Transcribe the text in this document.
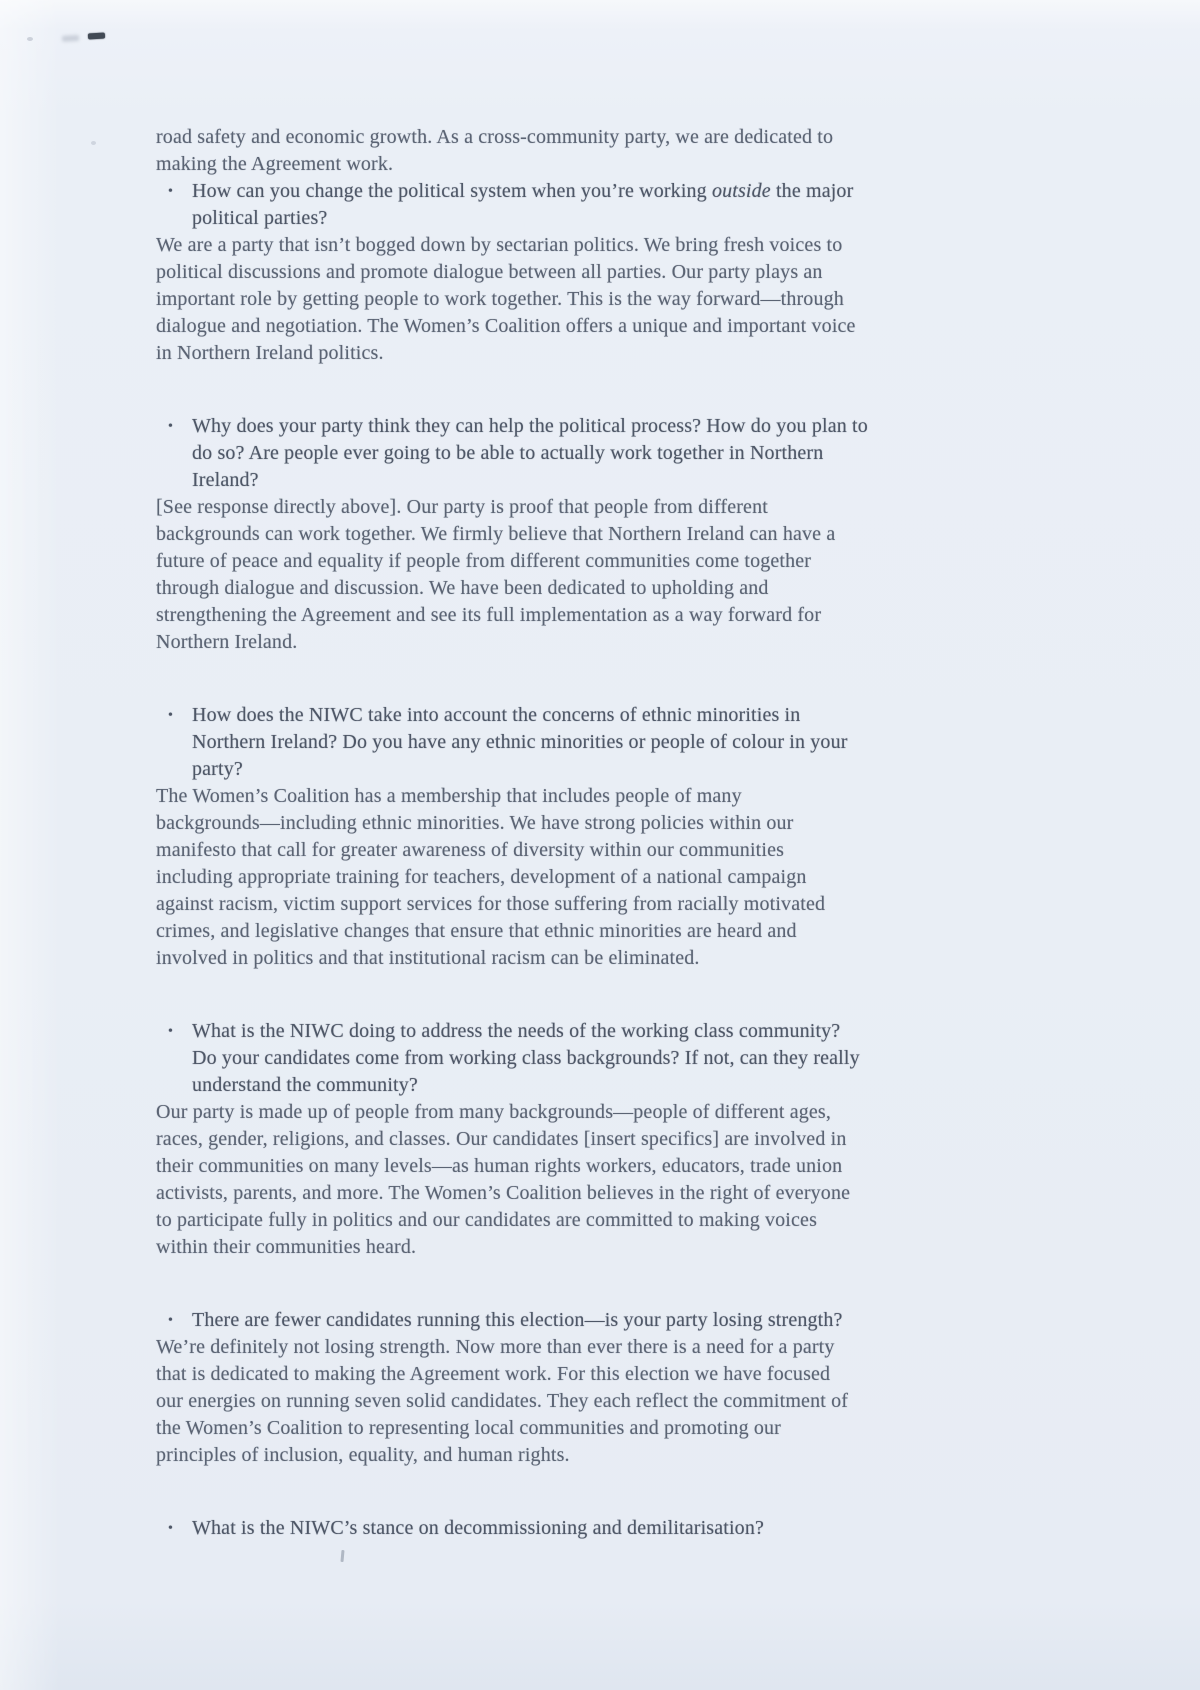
road safety and economic growth. As a cross-community party, we are dedicated to
making the Agreement work.
• How can you change the political system when you’re working outside the major
political parties?
We are a party that isn’t bogged down by sectarian politics. We bring fresh voices to
political discussions and promote dialogue between all parties. Our party plays an
important role by getting people to work together. This is the way forward—through
dialogue and negotiation. The Women’s Coalition offers a unique and important voice
in Northern Ireland politics.
• Why does your party think they can help the political process? How do you plan to
do so? Are people ever going to be able to actually work together in Northern
Ireland?
[See response directly above]. Our party is proof that people from different
backgrounds can work together. We firmly believe that Northern Ireland can have a
future of peace and equality if people from different communities come together
through dialogue and discussion. We have been dedicated to upholding and
strengthening the Agreement and see its full implementation as a way forward for
Northern Ireland.
• How does the NIWC take into account the concerns of ethnic minorities in
Northern Ireland? Do you have any ethnic minorities or people of colour in your
party?
The Women’s Coalition has a membership that includes people of many
backgrounds—including ethnic minorities. We have strong policies within our
manifesto that call for greater awareness of diversity within our communities
including appropriate training for teachers, development of a national campaign
against racism, victim support services for those suffering from racially motivated
crimes, and legislative changes that ensure that ethnic minorities are heard and
involved in politics and that institutional racism can be eliminated.
• What is the NIWC doing to address the needs of the working class community?
Do your candidates come from working class backgrounds? If not, can they really
understand the community?
Our party is made up of people from many backgrounds—people of different ages,
races, gender, religions, and classes. Our candidates [insert specifics] are involved in
their communities on many levels—as human rights workers, educators, trade union
activists, parents, and more. The Women’s Coalition believes in the right of everyone
to participate fully in politics and our candidates are committed to making voices
within their communities heard.
• There are fewer candidates running this election—is your party losing strength?
We’re definitely not losing strength. Now more than ever there is a need for a party
that is dedicated to making the Agreement work. For this election we have focused
our energies on running seven solid candidates. They each reflect the commitment of
the Women’s Coalition to representing local communities and promoting our
principles of inclusion, equality, and human rights.
• What is the NIWC’s stance on decommissioning and demilitarisation?
